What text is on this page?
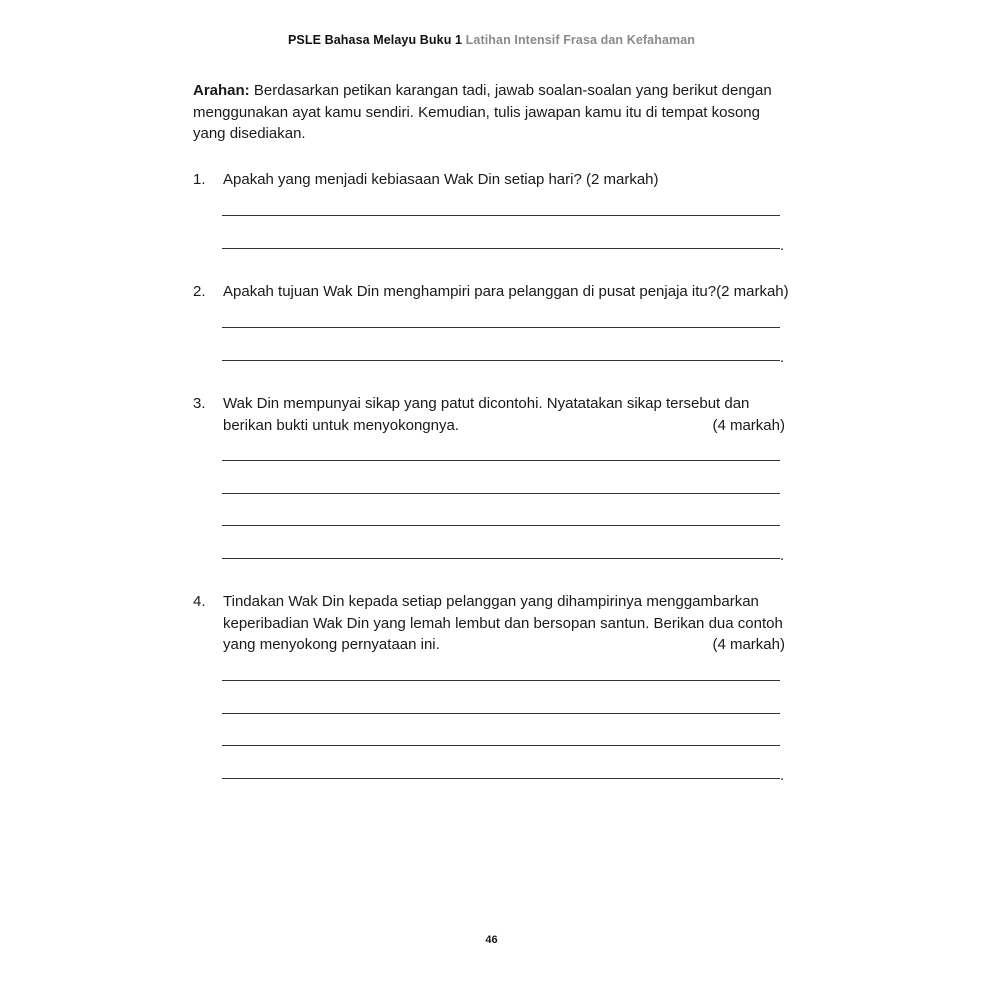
PSLE Bahasa Melayu Buku 1 Latihan Intensif Frasa dan Kefahaman
Arahan: Berdasarkan petikan karangan tadi, jawab soalan-soalan yang berikut dengan menggunakan ayat kamu sendiri. Kemudian, tulis jawapan kamu itu di tempat kosong yang disediakan.
1. Apakah yang menjadi kebiasaan Wak Din setiap hari? (2 markah)
.
2. Apakah tujuan Wak Din menghampiri para pelanggan di pusat penjaja itu? (2 markah)
.
3. Wak Din mempunyai sikap yang patut dicontohi. Nyatatakan sikap tersebut dan
berikan bukti untuk menyokongnya.	(4 markah)
.
4. Tindakan Wak Din kepada setiap pelanggan yang dihampirinya menggambarkan
keperibadian Wak Din yang lemah lembut dan bersopan santun. Berikan dua contoh
yang menyokong pernyataan ini.	(4 markah)
.
46
